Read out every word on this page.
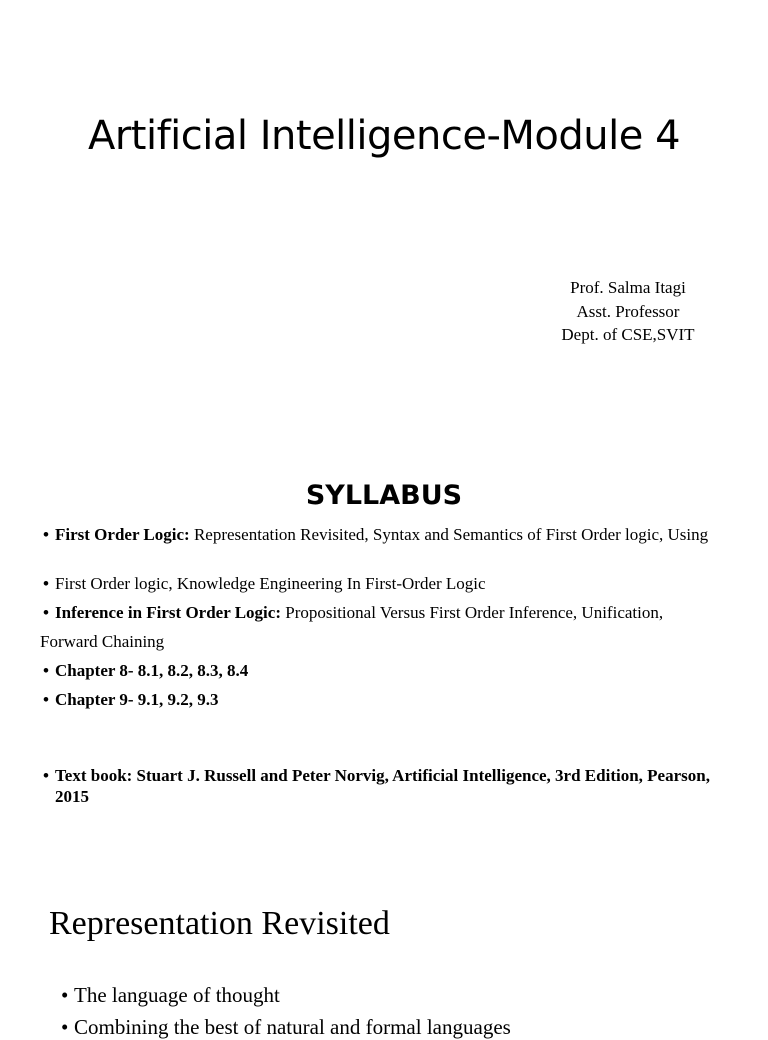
Artificial Intelligence-Module 4
Prof. Salma Itagi
Asst. Professor
Dept. of CSE,SVIT
SYLLABUS
• First Order Logic: Representation Revisited, Syntax and Semantics of First Order logic, Using
• First Order logic, Knowledge Engineering In First-Order Logic
• Inference in First Order Logic: Propositional Versus First Order Inference, Unification,
Forward Chaining
• Chapter 8- 8.1, 8.2, 8.3, 8.4
• Chapter 9- 9.1, 9.2, 9.3
• Text book: Stuart J. Russell and Peter Norvig, Artificial Intelligence, 3rd Edition, Pearson, 2015
Representation Revisited
• The language of thought
• Combining the best of natural and formal languages
